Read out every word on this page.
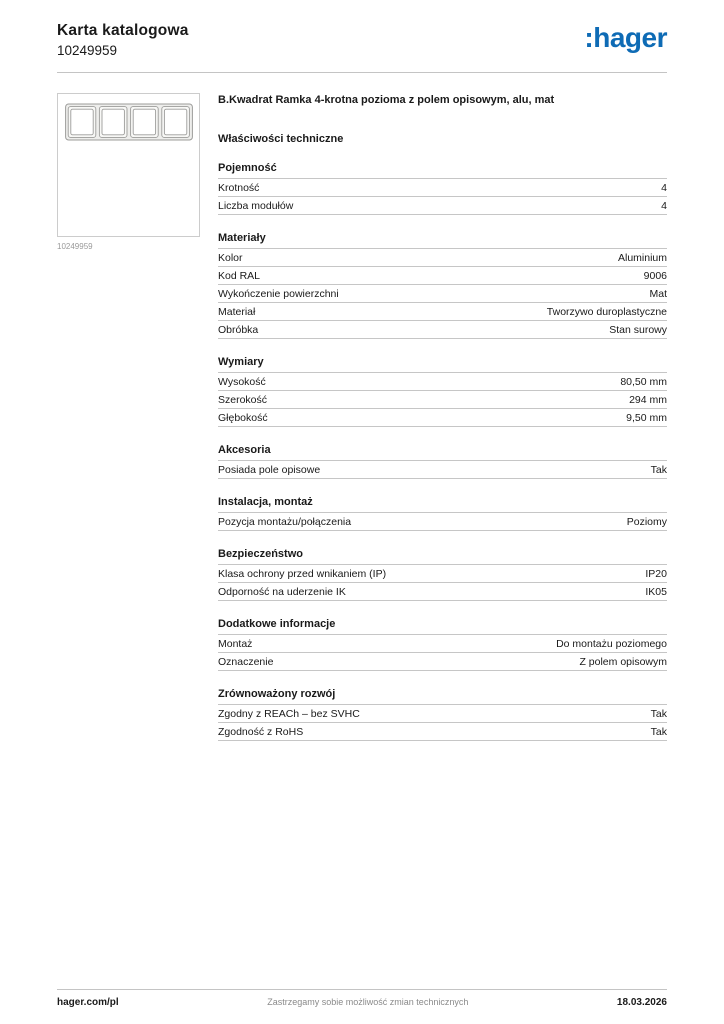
Karta katalogowa
10249959	:hager
10249959
B.Kwadrat Ramka 4-krotna pozioma z polem opisowym, alu, mat
Właściwości techniczne
Pojemność
Krotność	4
Liczba modułów	4
Materiały
Kolor	Aluminium
Kod RAL	9006
Wykończenie powierzchni	Mat
Materiał	Tworzywo duroplastyczne
Obróbka	Stan surowy
Wymiary
Wysokość	80,50 mm
Szerokość	294 mm
Głębokość	9,50 mm
Akcesoria
Posiada pole opisowe	Tak
Instalacja, montaż
Pozycja montażu/połączenia	Poziomy
Bezpieczeństwo
Klasa ochrony przed wnikaniem (IP)	IP20
Odporność na uderzenie IK	IK05
Dodatkowe informacje
Montaż	Do montażu poziomego
Oznaczenie	Z polem opisowym
Zrównoważony rozwój
Zgodny z REACh – bez SVHC	Tak
Zgodność z RoHS	Tak
hager.com/pl	Zastrzegamy sobie możliwość zmian technicznych	18.03.2026
